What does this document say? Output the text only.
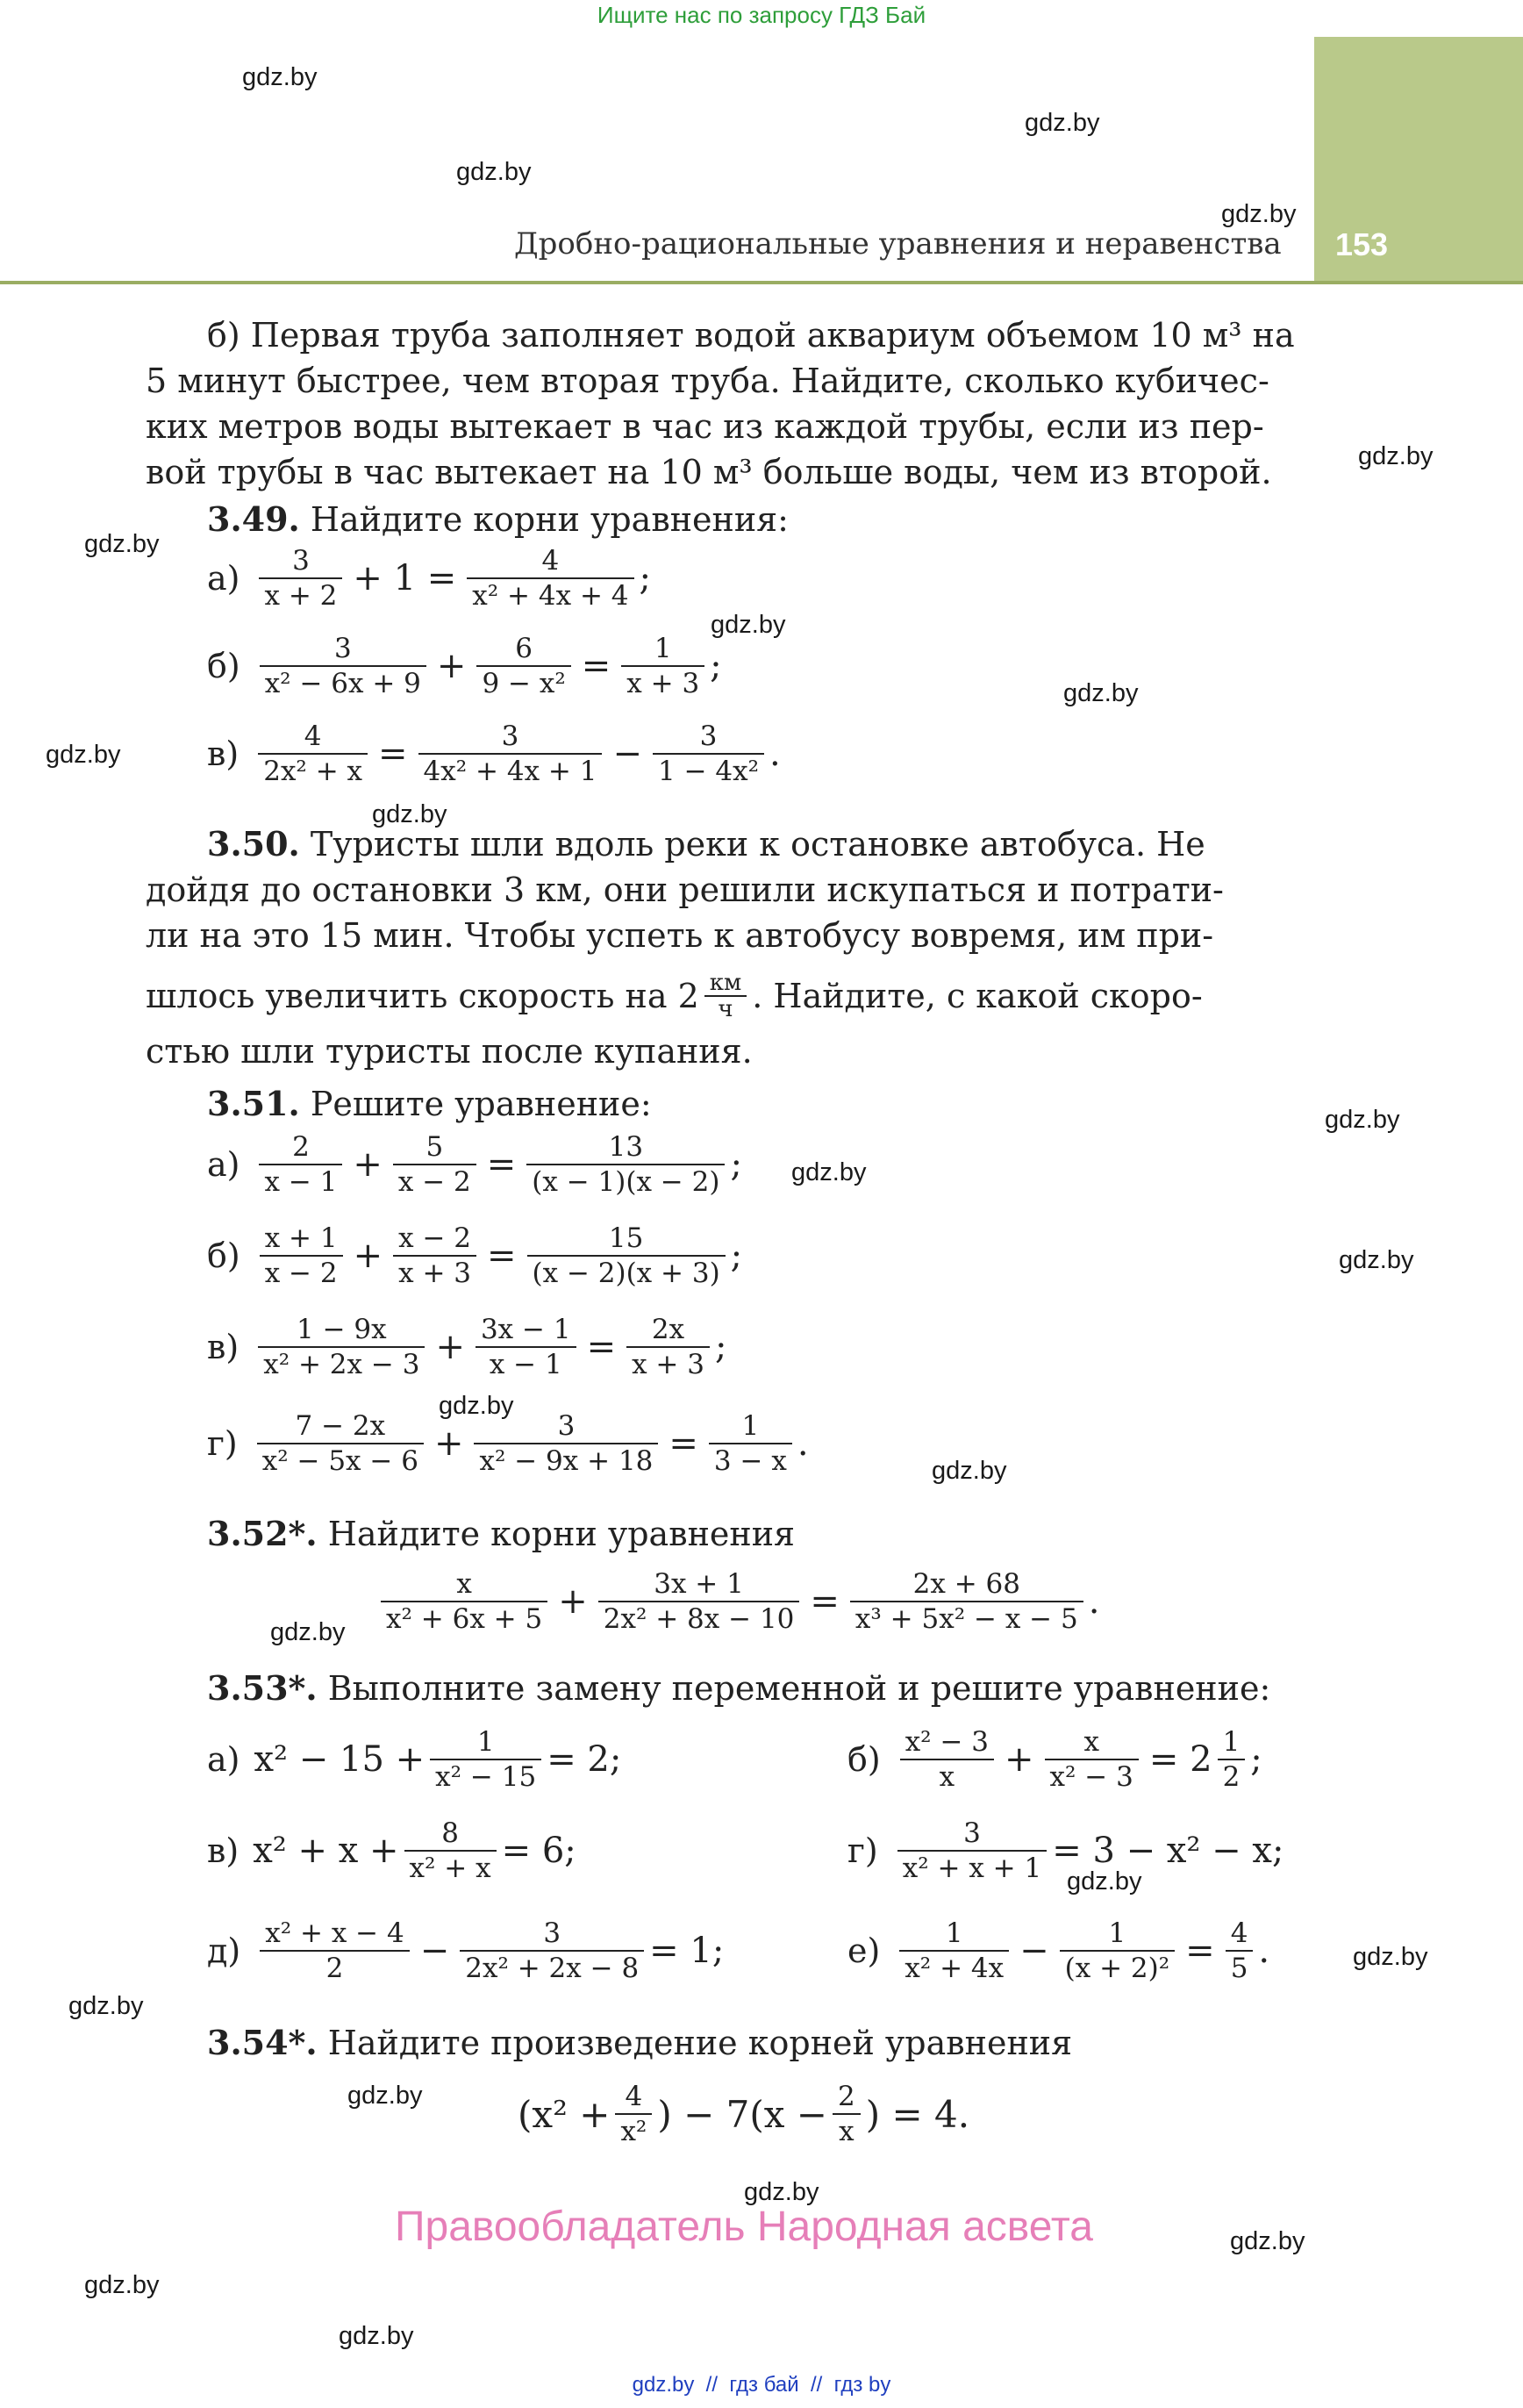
Ищите нас по запросу ГДЗ Бай
153
Дробно-рациональные уравнения и неравенства
gdz.by
gdz.by
gdz.by
gdz.by
gdz.by
gdz.by
gdz.by
gdz.by
gdz.by
gdz.by
gdz.by
gdz.by
gdz.by
gdz.by
gdz.by
gdz.by
gdz.by
gdz.by
gdz.by
gdz.by
gdz.by
gdz.by
gdz.by
gdz.by
б) Первая труба заполняет водой аквариум объемом 10 м³ на
5 минут быстрее, чем вторая труба. Найдите, сколько кубичес-
ких метров воды вытекает в час из каждой трубы, если из пер-
вой трубы в час вытекает на 10 м³ больше воды, чем из второй.
3.49. Найдите корни уравнения:
$а) \frac{3}{x + 2} + 1 = \frac{4}{\text{x² + 4x + 4}}$ ;
$б) \frac{3}{\text{x² − 6x + 9}} + \frac{6}{\text{9 − x²}} = \frac{1}{x + 3}$ ;
$в) \frac{4}{\text{2x² + x}} = \frac{3}{\text{4x² + 4x + 1}} - \frac{3}{\text{1 − 4x²}}$ .
3.50. Туристы шли вдоль реки к остановке автобуса. Не
дойдя до остановки 3 км, они решили искупаться и потрати-
ли на это 15 мин. Чтобы успеть к автобусу вовремя, им при-
шлось увеличить скорость на $2 \frac{км}{ч}$ . Найдите, с какой скоро-
стью шли туристы после купания.
3.51. Решите уравнение:
$а) \frac{2}{x - 1} + \frac{5}{x - 2} = \frac{13}{(x - 1)(x - 2)}$ ;
$б) \frac{x + 1}{x - 2} + \frac{x - 2}{x + 3} = \frac{15}{(x - 2)(x + 3)}$ ;
$в) \frac{1 - 9x}{\text{x² + 2x − 3}} + \frac{3x - 1}{x - 1} = \frac{2x}{x + 3}$ ;
$г) \frac{7 - 2x}{\text{x² − 5x − 6}} + \frac{3}{\text{x² − 9x + 18}} = \frac{1}{3 - x}$ .
3.52*. Найдите корни уравнения
$\frac{x}{\text{x² + 6x + 5}} + \frac{3x + 1}{\text{2x² + 8x − 10}} = \frac{2x + 68}{\text{x³ + 5x² − x − 5}}$ .
3.53*. Выполните замену переменной и решите уравнение:
а) $x^2 - 15 + \frac{1}{\text{x² − 15}} = 2$;	$б) \frac{\text{x² − 3}}{x} + \frac{x}{\text{x² − 3}} = 2 \frac{1}{2}$ ;
в) $x^2 + x + \frac{8}{\text{x² + x}} = 6$;	$г) \frac{3}{\text{x² + x + 1}} = 3 - x^2 - x$;
$д) \frac{\text{x² + x − 4}}{2} - \frac{3}{\text{2x² + 2x − 8}} = 1$;	$е) \frac{1}{\text{x² + 4x}} - \frac{1}{\text{(x + 2)²}} = \frac{4}{5}$ .
3.54*. Найдите произведение корней уравнения
($x^2 + \frac{4}{\text{x²}}$ ) − $7(x - \frac{2}{x}$ ) = 4.
Правообладатель Народная асвета
gdz.by  //  гдз бай  //  гдз by
